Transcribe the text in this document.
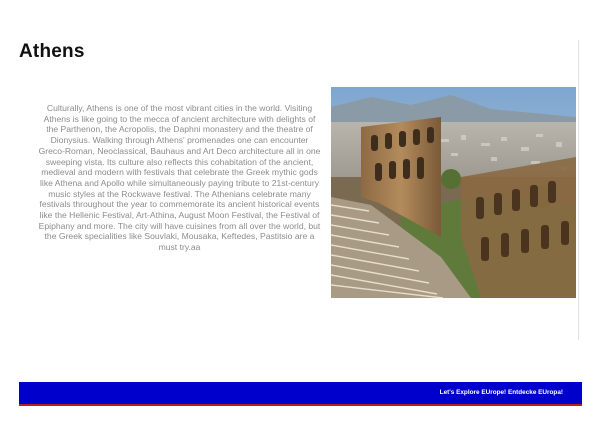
Athens

Culturally, Athens is one of the most vibrant cities in the world. Visiting Athens is like going to the mecca of ancient architecture with delights of the Parthenon, the Acropolis, the Daphni monastery and the theatre of Dionysius. Walking through Athens' promenades one can encounter Greco-Roman, Neoclassical, Bauhaus and Art Deco architecture all in one sweeping vista. Its culture also reflects this cohabitation of the ancient, medieval and modern with festivals that celebrate the Greek mythic gods like Athena and Apollo while simultaneously paying tribute to 21st-century music styles at the Rockwave festival. The Athenians celebrate many festivals throughout the year to commemorate its ancient historical events like the Hellenic Festival, Art-Athina, August Moon Festival, the Festival of Epiphany and more. The city will have cuisines from all over the world, but the Greek specialities like Souvlaki, Mousaka, Keftedes, Pastitsio are a must try.aa

Let's Explore EUrope! Entdecke EUropa!
